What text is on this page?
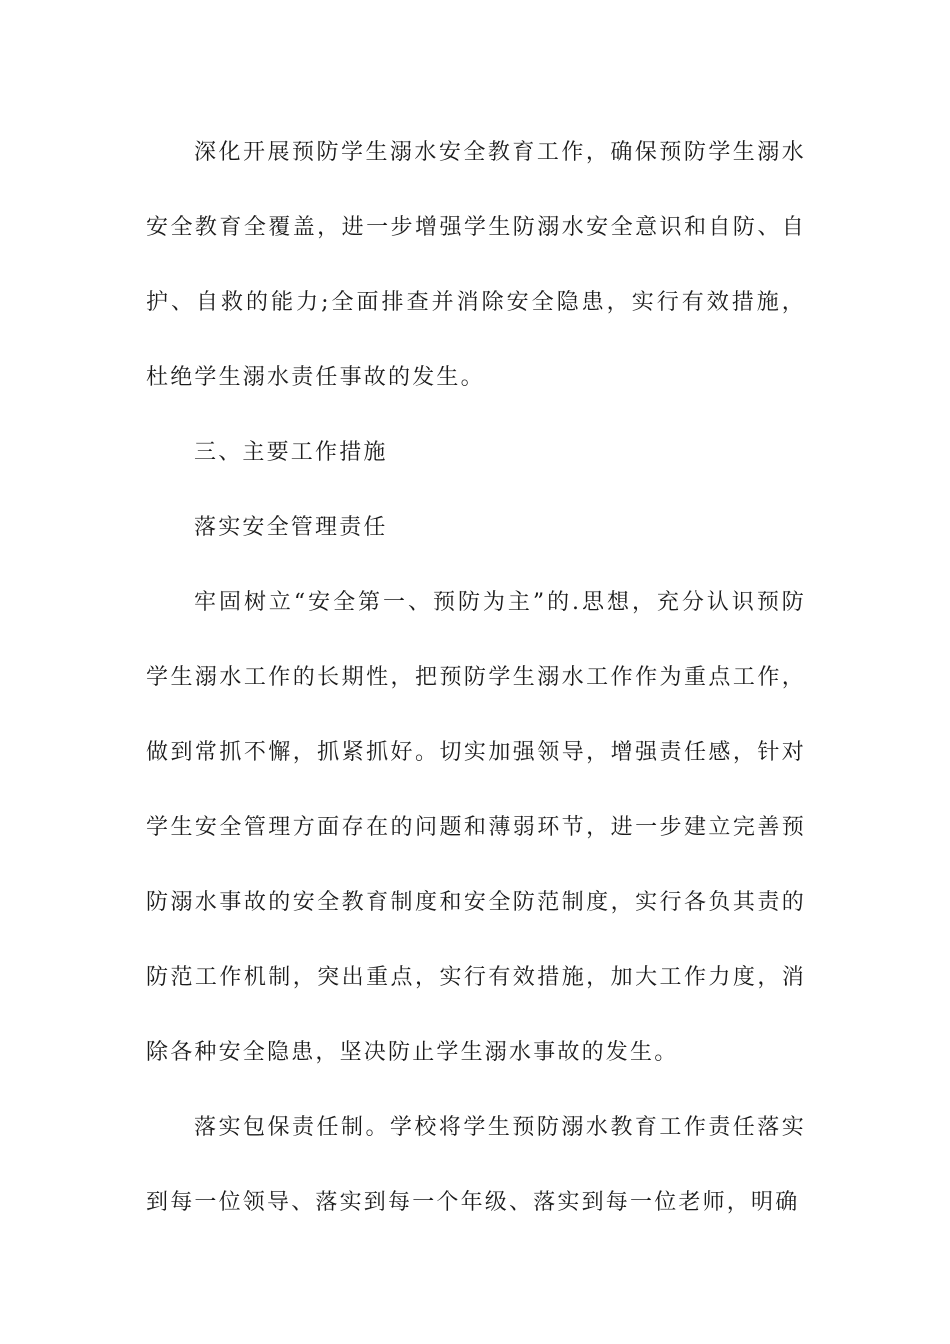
深化开展预防学生溺水安全教育工作，确保预防学生溺水安全教育全覆盖，进一步增强学生防溺水安全意识和自防、自护、自救的能力;全面排查并消除安全隐患，实行有效措施，杜绝学生溺水责任事故的发生。

三、主要工作措施

落实安全管理责任

牢固树立“安全第一、预防为主”的.思想，充分认识预防学生溺水工作的长期性，把预防学生溺水工作作为重点工作，做到常抓不懈，抓紧抓好。切实加强领导，增强责任感，针对学生安全管理方面存在的问题和薄弱环节，进一步建立完善预防溺水事故的安全教育制度和安全防范制度，实行各负其责的防范工作机制，突出重点，实行有效措施，加大工作力度，消除各种安全隐患，坚决防止学生溺水事故的发生。

落实包保责任制。学校将学生预防溺水教育工作责任落实到每一位领导、落实到每一个年级、落实到每一位老师，明确
